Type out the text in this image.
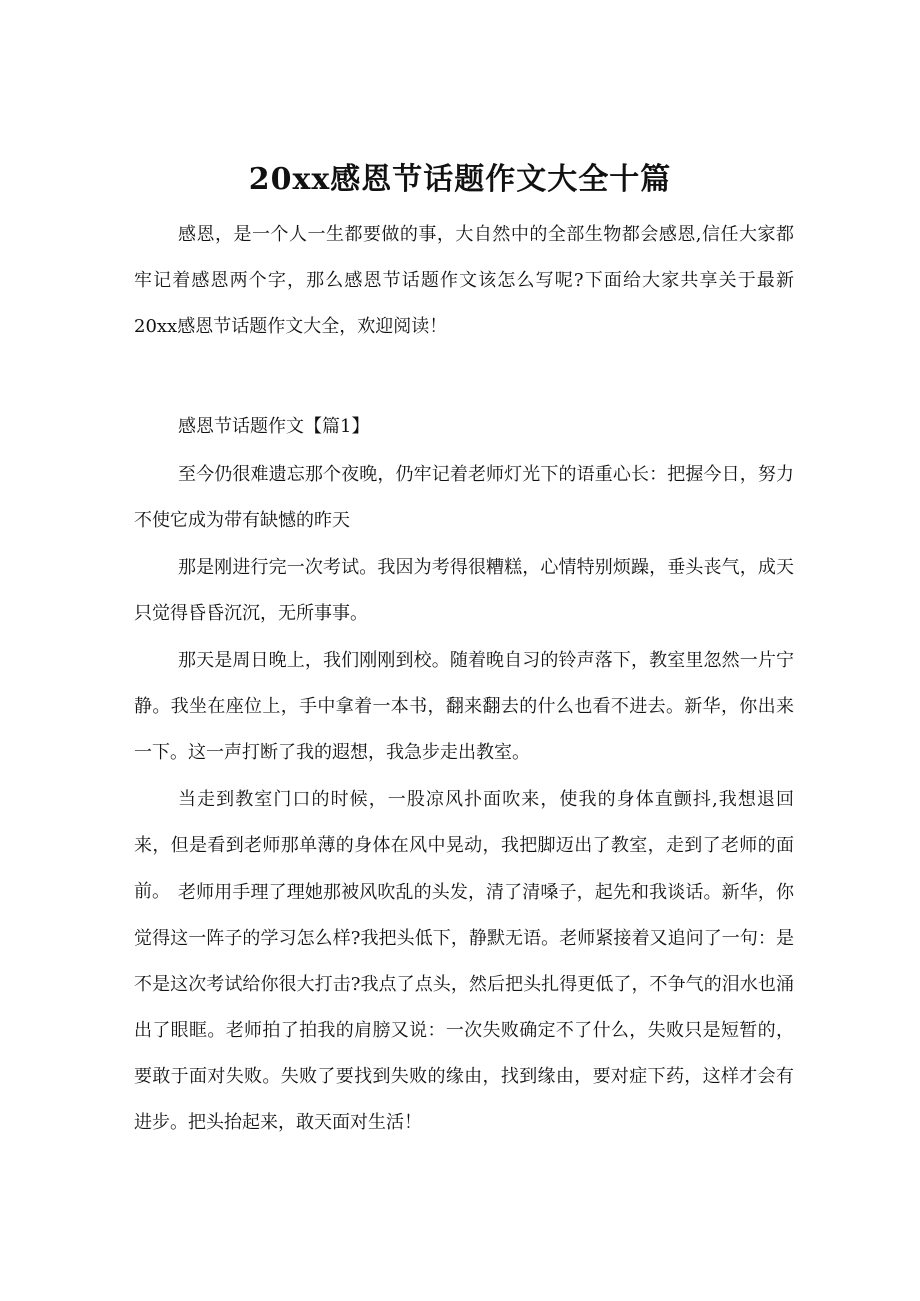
20xx感恩节话题作文大全十篇

感恩，是一个人一生都要做的事，大自然中的全部生物都会感恩,信任大家都牢记着感恩两个字，那么感恩节话题作文该怎么写呢?下面给大家共享关于最新20xx感恩节话题作文大全，欢迎阅读！

感恩节话题作文【篇1】

至今仍很难遗忘那个夜晚，仍牢记着老师灯光下的语重心长：把握今日，努力不使它成为带有缺憾的昨天

那是刚进行完一次考试。我因为考得很糟糕，心情特别烦躁，垂头丧气，成天只觉得昏昏沉沉，无所事事。

那天是周日晚上，我们刚刚到校。随着晚自习的铃声落下，教室里忽然一片宁静。我坐在座位上，手中拿着一本书，翻来翻去的什么也看不进去。新华，你出来一下。这一声打断了我的遐想，我急步走出教室。

当走到教室门口的时候，一股凉风扑面吹来，使我的身体直颤抖,我想退回来，但是看到老师那单薄的身体在风中晃动，我把脚迈出了教室，走到了老师的面前。 老师用手理了理她那被风吹乱的头发，清了清嗓子，起先和我谈话。新华，你觉得这一阵子的学习怎么样?我把头低下，静默无语。老师紧接着又追问了一句：是不是这次考试给你很大打击?我点了点头，然后把头扎得更低了，不争气的泪水也涌出了眼眶。老师拍了拍我的肩膀又说：一次失败确定不了什么，失败只是短暂的，要敢于面对失败。失败了要找到失败的缘由，找到缘由，要对症下药，这样才会有进步。把头抬起来，敢天面对生活！
